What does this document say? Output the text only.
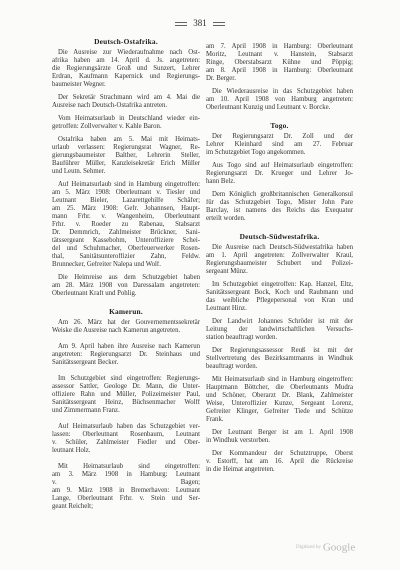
381
Deutsch-Ostafrika.
Die Ausreise zur Wiederaufnahme nach Ost-
afrika haben am 14. April d. Js. angetreten:
die Regierungsärzte Groß und Sunzert, Lehrer
Erdran, Kaufmann Kapernick und Regierungs-
baumeister Wegner.
Der Sekretär Strachmann wird am 4. Mai die
Ausreise nach Deutsch-Ostafrika antreten.
Vom Heimatsurlaub in Deutschland wieder ein-
getroffen: Zollverwalter v. Kahle Baron.
Ostafrika haben am 5. Mai mit Heimats-
urlaub verlassen: Regierungsrat Wagner, Re-
gierungsbaumeister Balther, Lehrerin Steller,
Bauführer Müller, Kanzleisekretär Erich Müller
und Leutn. Sehmer.
Auf Heimatsurlaub sind in Hamburg eingetroffen:
am 5. März 1908: Oberleutnant v. Tiesler und
Leutnant Bieler, Lazarettgehilfe Schäfer;
am 25. März 1908: Gefr. Johannsen, Haupt-
mann Frhr. v. Wangenheim, Oberleutnant
Frhr. v. Roeder zu Rabenau, Stabsarzt
Dr. Demmrich, Zahlmeister Brückner, Sani-
tätssergeant Kassebohm, Unteroffiziere Schei-
del und Schuhmacher, Oberfeuerwerker Rosen-
thal, Sanitätsunteroffizier Zahn, Feldw.
Brunnecker, Gefreiter Nalepa und Wolf.
Die Heimreise aus dem Schutzgebiet haben
am 28. März 1908 von Daressalam angetreten:
Oberleutnant Kraft und Pohlig.
Kamerun.
Am 26. März hat der Gouvernementssekretär
Weiske die Ausreise nach Kamerun angetreten.
Am 9. April haben ihre Ausreise nach Kamerun
angetreten: Regierungsarzt Dr. Steinhaus und
Sanitätssergeant Becker.
Im Schutzgebiet sind eingetroffen: Regierungs-
assessor Sattler, Geologe Dr. Mann, die Unter-
offiziere Rahn und Müller, Polizeimeister Paul,
Sanitätssergeant Heinz, Büchsenmacher Wolff
und Zimmermann Franz.
Auf Heimatsurlaub haben das Schutzgebiet ver-
lassen: Oberleutnant Rosenbaum, Leutnant
v. Schüler, Zahlmeister Fiedler und Ober-
leutnant Holz.
Mit Heimatsurlaub sind eingetroffen:
am 3. März 1908 in Hamburg: Leutnant
v. Bagen;
am 9. März 1908 in Bremerhaven: Leutnant
Lange, Oberleutnant Frhr. v. Stein und Ser-
geant Reichelt;
am 7. April 1908 in Hamburg: Oberleutnant
Moritz, Leutnant v. Hanstein, Stabsarzt
Ringe, Oberstabsarzt Kühne und Pöppig;
am 8. April 1908 in Hamburg: Oberleutnant
Dr. Berger.
Die Wiederausreise in das Schutzgebiet haben
am 10. April 1908 von Hamburg angetreten:
Oberleutnant Kunzig und Leutnant v. Borcke.
Togo.
Der Regierungsarzt Dr. Zoll und der
Lehrer Kleinhard sind am 27. Februar
im Schutzgebiet Togo angekommen.
Aus Togo sind auf Heimatsurlaub eingetroffen:
Regierungsarzt Dr. Krueger und Lehrer Jo-
hann Belz.
Dem Königlich großbritannischen Generalkonsul
für das Schutzgebiet Togo, Mister John Pare
Barclay, ist namens des Reichs das Exequatur
erteilt worden.
Deutsch-Südwestafrika.
Die Ausreise nach Deutsch-Südwestafrika haben
am 1. April angetreten: Zollverwalter Kraul,
Regierungsbaumeister Schubert und Polizei-
sergeant Münz.
Im Schutzgebiet eingetroffen: Kap. Hanzel, Eltz,
Sanitätssergeant Bock, Koch und Raubmann und
das weibliche Pflegepersonal von Kran und
Leutnant Hinz.
Der Landwirt Johannes Schröder ist mit der
Leitung der landwirtschaftlichen Versuchs-
station beauftragt worden.
Der Regierungsassessor Reuß ist mit der
Stellvertretung des Bezirksamtmanns in Windhuk
beauftragt worden.
Mit Heimatsurlaub sind in Hamburg eingetroffen:
Hauptmann Böttcher, die Oberleutnants Mudra
und Schöner, Oberarzt Dr. Blank, Zahlmeister
Weise, Unteroffizier Kunze, Sergeant Lorenz,
Gefreiter Klinger, Gefreiter Tiede und Schütze
Frank.
Der Leutnant Berger ist am 1. April 1908
in Windhuk verstorben.
Der Kommandeur der Schutztruppe, Oberst
v. Estorff, hat am 16. April die Rückreise
in die Heimat angetreten.
Digitized by Google
